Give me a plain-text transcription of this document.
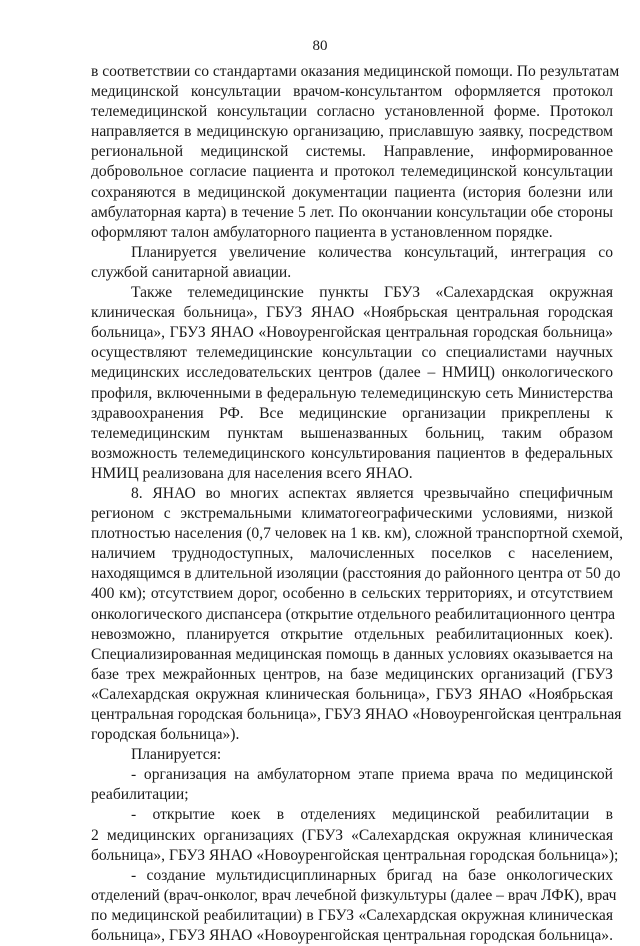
80
в соответствии со стандартами оказания медицинской помощи. По результатам
медицинской консультации врачом-консультантом оформляется протокол
телемедицинской консультации согласно установленной форме. Протокол
направляется в медицинскую организацию, приславшую заявку, посредством
региональной медицинской системы. Направление, информированное
добровольное согласие пациента и протокол телемедицинской консультации
сохраняются в медицинской документации пациента (история болезни или
амбулаторная карта) в течение 5 лет. По окончании консультации обе стороны
оформляют талон амбулаторного пациента в установленном порядке.
Планируется увеличение количества консультаций, интеграция со
службой санитарной авиации.
Также телемедицинские пункты ГБУЗ «Салехардская окружная
клиническая больница», ГБУЗ ЯНАО «Ноябрьская центральная городская
больница», ГБУЗ ЯНАО «Новоуренгойская центральная городская больница»
осуществляют телемедицинские консультации со специалистами научных
медицинских исследовательских центров (далее – НМИЦ) онкологического
профиля, включенными в федеральную телемедицинскую сеть Министерства
здравоохранения РФ. Все медицинские организации прикреплены к
телемедицинским пунктам вышеназванных больниц, таким образом
возможность телемедицинского консультирования пациентов в федеральных
НМИЦ реализована для населения всего ЯНАО.
8. ЯНАО во многих аспектах является чрезвычайно специфичным
регионом с экстремальными климатогеографическими условиями, низкой
плотностью населения (0,7 человек на 1 кв. км), сложной транспортной схемой,
наличием труднодоступных, малочисленных поселков с населением,
находящимся в длительной изоляции (расстояния до районного центра от 50 до
400 км); отсутствием дорог, особенно в сельских территориях, и отсутствием
онкологического диспансера (открытие отдельного реабилитационного центра
невозможно, планируется открытие отдельных реабилитационных коек).
Специализированная медицинская помощь в данных условиях оказывается на
базе трех межрайонных центров, на базе медицинских организаций (ГБУЗ
«Салехардская окружная клиническая больница», ГБУЗ ЯНАО «Ноябрьская
центральная городская больница», ГБУЗ ЯНАО «Новоуренгойская центральная
городская больница»).
Планируется:
- организация на амбулаторном этапе приема врача по медицинской
реабилитации;
- открытие коек в отделениях медицинской реабилитации в
2 медицинских организациях (ГБУЗ «Салехардская окружная клиническая
больница», ГБУЗ ЯНАО «Новоуренгойская центральная городская больница»);
- создание мультидисциплинарных бригад на базе онкологических
отделений (врач-онколог, врач лечебной физкультуры (далее – врач ЛФК), врач
по медицинской реабилитации) в ГБУЗ «Салехардская окружная клиническая
больница», ГБУЗ ЯНАО «Новоуренгойская центральная городская больница».
